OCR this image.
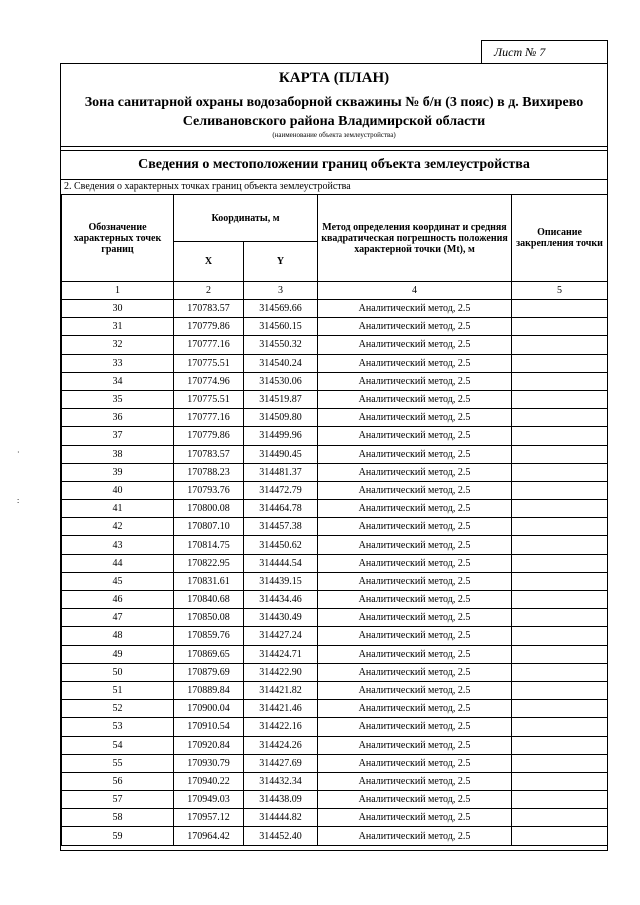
Лист № 7
·
:
КАРТА (ПЛАН)
Зона санитарной охраны водозаборной скважины № б/н (3 пояс) в д. Вихирево
Селивановского района Владимирской области
(наименование объекта землеустройства)
Сведения о местоположении границ объекта землеустройства
2. Сведения о характерных точках границ объекта землеустройства
Обозначение характерных точек границ	Координаты, м		Метод определения координат и средняя квадратическая погрешность положения характерной точки (Mt), м	Описание закрепления точки
	X	Y		
1	2	3	4	5
30	170783.57	314569.66	Аналитический метод, 2.5	
31	170779.86	314560.15	Аналитический метод, 2.5	
32	170777.16	314550.32	Аналитический метод, 2.5	
33	170775.51	314540.24	Аналитический метод, 2.5	
34	170774.96	314530.06	Аналитический метод, 2.5	
35	170775.51	314519.87	Аналитический метод, 2.5	
36	170777.16	314509.80	Аналитический метод, 2.5	
37	170779.86	314499.96	Аналитический метод, 2.5	
38	170783.57	314490.45	Аналитический метод, 2.5	
39	170788.23	314481.37	Аналитический метод, 2.5	
40	170793.76	314472.79	Аналитический метод, 2.5	
41	170800.08	314464.78	Аналитический метод, 2.5	
42	170807.10	314457.38	Аналитический метод, 2.5	
43	170814.75	314450.62	Аналитический метод, 2.5	
44	170822.95	314444.54	Аналитический метод, 2.5	
45	170831.61	314439.15	Аналитический метод, 2.5	
46	170840.68	314434.46	Аналитический метод, 2.5	
47	170850.08	314430.49	Аналитический метод, 2.5	
48	170859.76	314427.24	Аналитический метод, 2.5	
49	170869.65	314424.71	Аналитический метод, 2.5	
50	170879.69	314422.90	Аналитический метод, 2.5	
51	170889.84	314421.82	Аналитический метод, 2.5	
52	170900.04	314421.46	Аналитический метод, 2.5	
53	170910.54	314422.16	Аналитический метод, 2.5	
54	170920.84	314424.26	Аналитический метод, 2.5	
55	170930.79	314427.69	Аналитический метод, 2.5	
56	170940.22	314432.34	Аналитический метод, 2.5	
57	170949.03	314438.09	Аналитический метод, 2.5	
58	170957.12	314444.82	Аналитический метод, 2.5	
59	170964.42	314452.40	Аналитический метод, 2.5	
